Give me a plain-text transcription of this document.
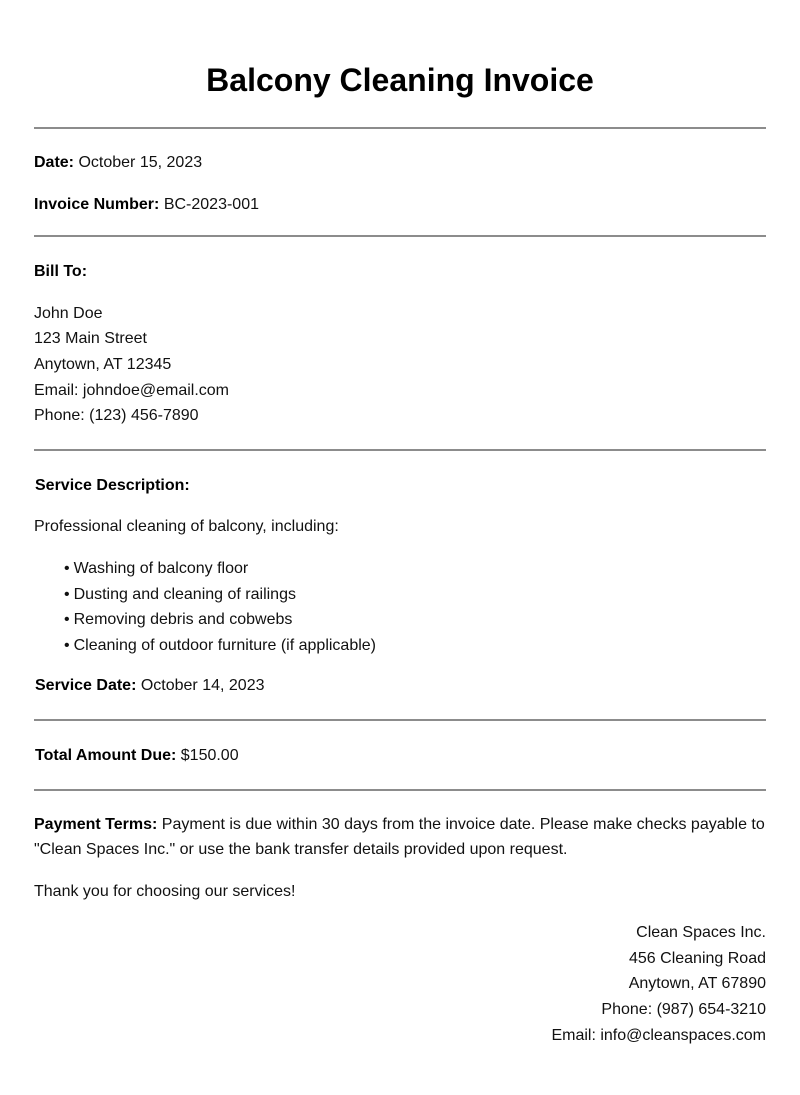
Balcony Cleaning Invoice

Date: October 15, 2023

Invoice Number: BC-2023-001

Bill To:

John Doe
123 Main Street
Anytown, AT 12345
Email: johndoe@email.com
Phone: (123) 456-7890

Service Description:

Professional cleaning of balcony, including:

• Washing of balcony floor
• Dusting and cleaning of railings
• Removing debris and cobwebs
• Cleaning of outdoor furniture (if applicable)

Service Date: October 14, 2023

Total Amount Due: $150.00

Payment Terms: Payment is due within 30 days from the invoice date. Please make checks payable to "Clean Spaces Inc." or use the bank transfer details provided upon request.

Thank you for choosing our services!

Clean Spaces Inc.
456 Cleaning Road
Anytown, AT 67890
Phone: (987) 654-3210
Email: info@cleanspaces.com
